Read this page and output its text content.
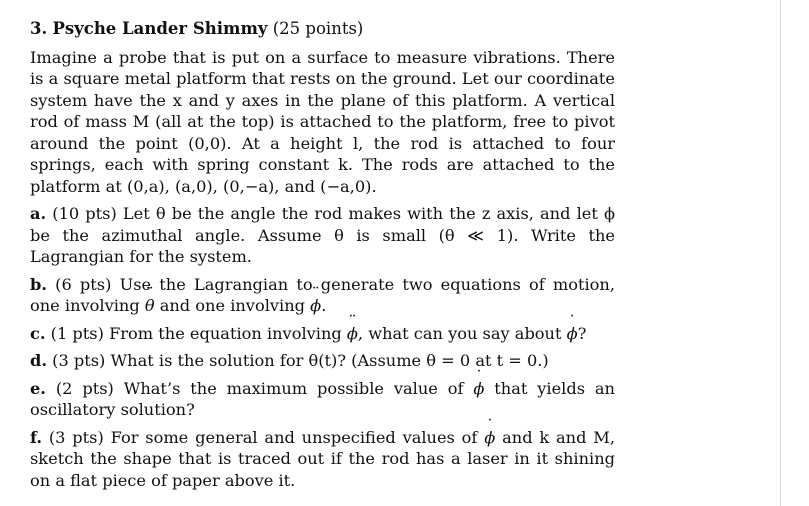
3. Psyche Lander Shimmy (25 points)

Imagine a probe that is put on a surface to measure vibrations. There is a square metal platform that rests on the ground. Let our coordinate system have the x and y axes in the plane of this platform. A vertical rod of mass M (all at the top) is attached to the platform, free to pivot around the point (0,0). At a height l, the rod is attached to four springs, each with spring constant k. The rods are attached to the platform at (0,a), (a,0), (0,−a), and (−a,0).

a. (10 pts) Let θ be the angle the rod makes with the z axis, and let ϕ be the azimuthal angle. Assume θ is small (θ ≪ 1). Write the Lagrangian for the system.

b. (6 pts) Use the Lagrangian to generate two equations of motion, one involving θ ¨ and one involving ϕ ¨.

c. (1 pts) From the equation involving ϕ ¨, what can you say about ϕ ˙?

d. (3 pts) What is the solution for θ(t)? (Assume θ = 0 at t = 0.)

e. (2 pts) What’s the maximum possible value of ϕ ˙ that yields an oscillatory solution?

f. (3 pts) For some general and unspecified values of ϕ ˙ and k and M, sketch the shape that is traced out if the rod has a laser in it shining on a flat piece of paper above it.
